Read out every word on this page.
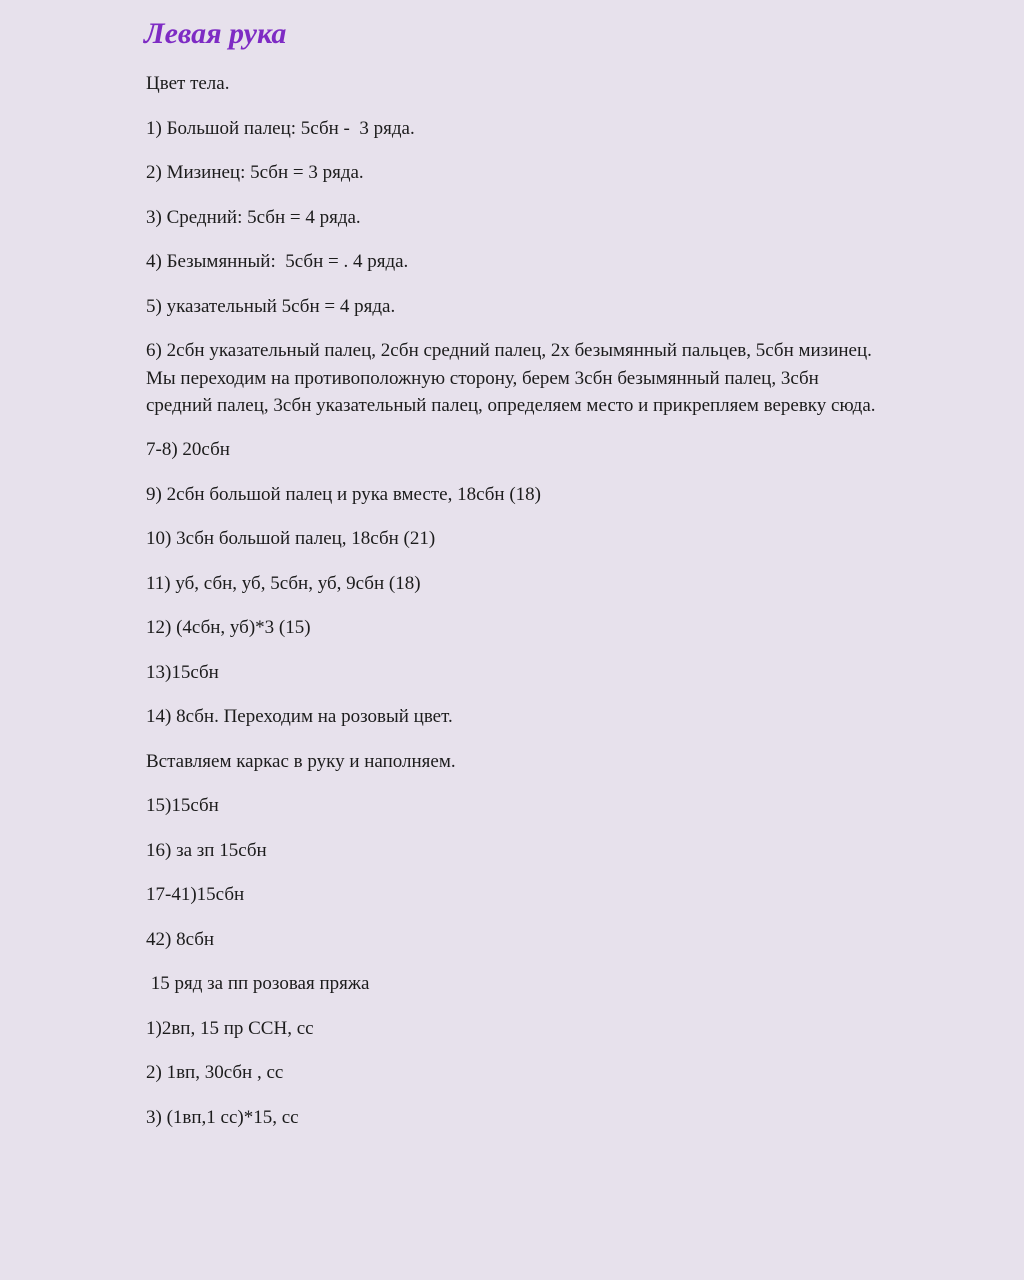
Левая рука

Цвет тела.

1) Большой палец: 5сбн -  3 ряда.

2) Мизинец: 5сбн = 3 ряда.

3) Средний: 5сбн = 4 ряда.

4) Безымянный:  5сбн = . 4 ряда.

5) указательный 5сбн = 4 ряда.

6) 2сбн указательный палец, 2сбн средний палец, 2х безымянный пальцев, 5сбн мизинец.
Мы переходим на противоположную сторону, берем 3сбн безымянный палец, 3сбн
средний палец, 3сбн указательный палец, определяем место и прикрепляем веревку сюда.

7-8) 20сбн

9) 2сбн большой палец и рука вместе, 18сбн (18)

10) 3сбн большой палец, 18сбн (21)

11) уб, сбн, уб, 5сбн, уб, 9сбн (18)

12) (4сбн, уб)*3 (15)

13)15сбн

14) 8сбн. Переходим на розовый цвет.

Вставляем каркас в руку и наполняем.

15)15сбн

16) за зп 15сбн

17-41)15сбн

42) 8сбн

15 ряд за пп розовая пряжа

1)2вп, 15 пр ССН, сс

2) 1вп, 30сбн , сс

3) (1вп,1 сс)*15, сс
